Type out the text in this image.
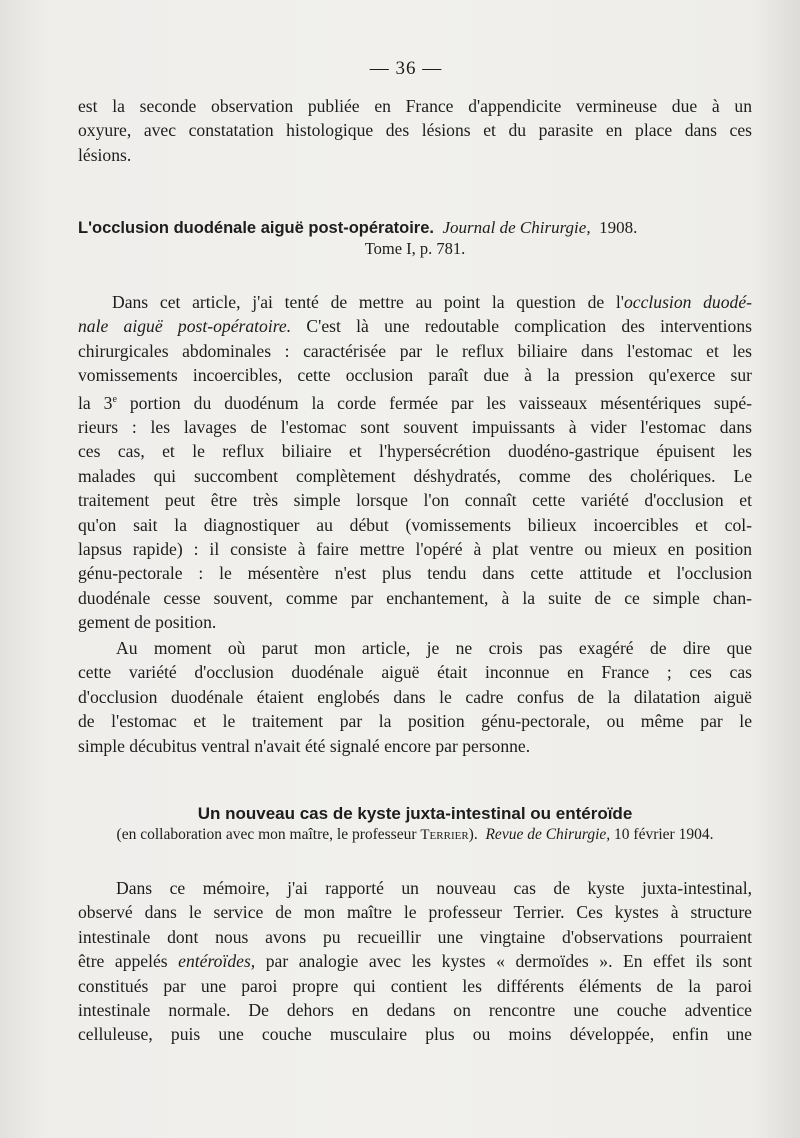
— 36 —
est la seconde observation publiée en France d'appendicite vermineuse due à un
oxyure, avec constatation histologique des lésions et du parasite en place dans ces
lésions.
L'occlusion duodénale aiguë post-opératoire. Journal de Chirurgie, 1908.
Tome I, p. 781.
Dans cet article, j'ai tenté de mettre au point la question de l'occlusion duodé-
nale aiguë post-opératoire. C'est là une redoutable complication des interventions
chirurgicales abdominales : caractérisée par le reflux biliaire dans l'estomac et les
vomissements incoercibles, cette occlusion paraît due à la pression qu'exerce sur
la 3e portion du duodénum la corde fermée par les vaisseaux mésentériques supé-
rieurs : les lavages de l'estomac sont souvent impuissants à vider l'estomac dans
ces cas, et le reflux biliaire et l'hypersécrétion duodéno-gastrique épuisent les
malades qui succombent complètement déshydratés, comme des cholériques. Le
traitement peut être très simple lorsque l'on connaît cette variété d'occlusion et
qu'on sait la diagnostiquer au début (vomissements bilieux incoercibles et col-
lapsus rapide) : il consiste à faire mettre l'opéré à plat ventre ou mieux en position
génu-pectorale : le mésentère n'est plus tendu dans cette attitude et l'occlusion
duodénale cesse souvent, comme par enchantement, à la suite de ce simple chan-
gement de position.
Au moment où parut mon article, je ne crois pas exagéré de dire que
cette variété d'occlusion duodénale aiguë était inconnue en France ; ces cas
d'occlusion duodénale étaient englobés dans le cadre confus de la dilatation aiguë
de l'estomac et le traitement par la position génu-pectorale, ou même par le
simple décubitus ventral n'avait été signalé encore par personne.
Un nouveau cas de kyste juxta-intestinal ou entéroïde
(en collaboration avec mon maître, le professeur Terrier). Revue de Chirurgie, 10 février 1904.
Dans ce mémoire, j'ai rapporté un nouveau cas de kyste juxta-intestinal,
observé dans le service de mon maître le professeur Terrier. Ces kystes à structure
intestinale dont nous avons pu recueillir une vingtaine d'observations pourraient
être appelés entéroïdes, par analogie avec les kystes « dermoïdes ». En effet ils sont
constitués par une paroi propre qui contient les différents éléments de la paroi
intestinale normale. De dehors en dedans on rencontre une couche adventice
celluleuse, puis une couche musculaire plus ou moins développée, enfin une
